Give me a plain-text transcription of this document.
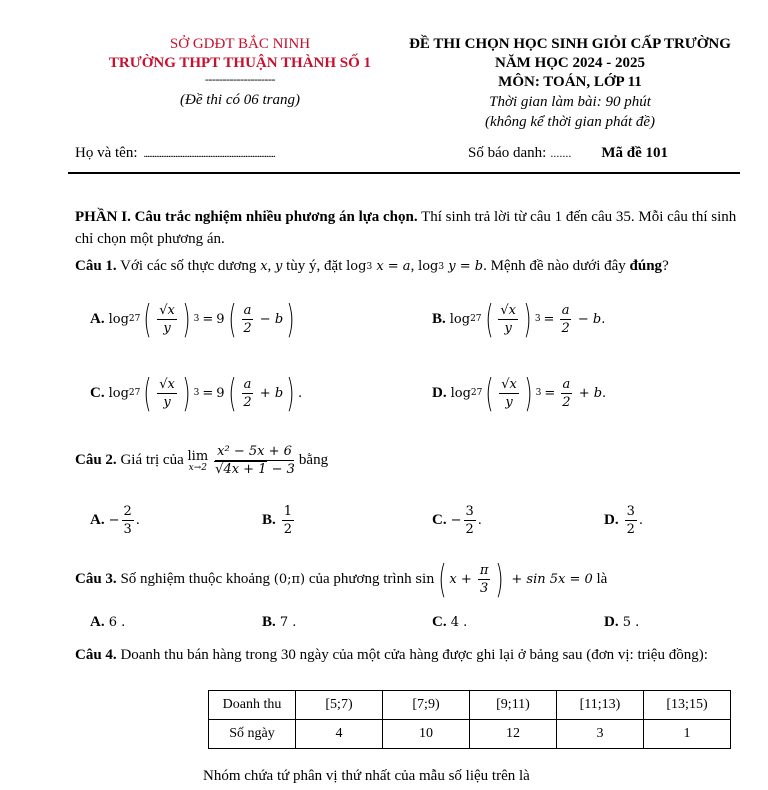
SỞ GDĐT BẮC NINH
TRƯỜNG THPT THUẬN THÀNH SỐ 1
--------------------
(Đề thi có 06 trang)
ĐỀ THI CHỌN HỌC SINH GIỎI CẤP TRƯỜNG
NĂM HỌC 2024 - 2025
MÔN: TOÁN, LỚP 11
Thời gian làm bài: 90 phút
(không kể thời gian phát đề)
Họ và tên: ...........................................................................	Số báo danh: ....... Mã đề 101
PHẦN I. Câu trắc nghiệm nhiều phương án lựa chọn. Thí sinh trả lời từ câu 1 đến câu 35. Mỗi câu thí sinh chỉ chọn một phương án.
Câu 1. Với các số thực dương x , y tùy ý, đặt log 3 x = a , log 3 y = b . Mệnh đề nào dưới đây đúng ?
A. log 27 ( $\frac{√x}{y}$ ) 3 = 9 ( $\frac{a}{2} - b$ )	B. log 27 ( $\frac{√x}{y}$ ) $3 = \frac{a}{2} - b$ .
C. log 27 ( $\frac{√x}{y}$ ) 3 = 9 ( $\frac{a}{2} + b$ ) .	D. log 27 ( $\frac{√x}{y}$ ) $3 = \frac{a}{2} + b$ .
Câu 2. Giá trị của lim
$x\to 2 \frac{\text{x² − 5x + 6}}{√4x + 1 - 3}$ bằng
A. − $\frac{2}{3}$ .	B. $\frac{1}{2}$	C. − $\frac{3}{2}$ .	D. $\frac{3}{2}$ .
Câu 3. Số nghiệm thuộc khoảng (0;π) của phương trình sin ( $x + \frac{\pi}{3}$ ) + sin 5x = 0 là
A. 6 .	B. 7 .	C. 4 .	D. 5 .
Câu 4. Doanh thu bán hàng trong 30 ngày của một cửa hàng được ghi lại ở bảng sau (đơn vị: triệu đồng):
Doanh thu	[5;7)	[7;9)	[9;11)	[11;13)	[13;15)
Số ngày	4	10	12	3	1
Nhóm chứa tứ phân vị thứ nhất của mẫu số liệu trên là
